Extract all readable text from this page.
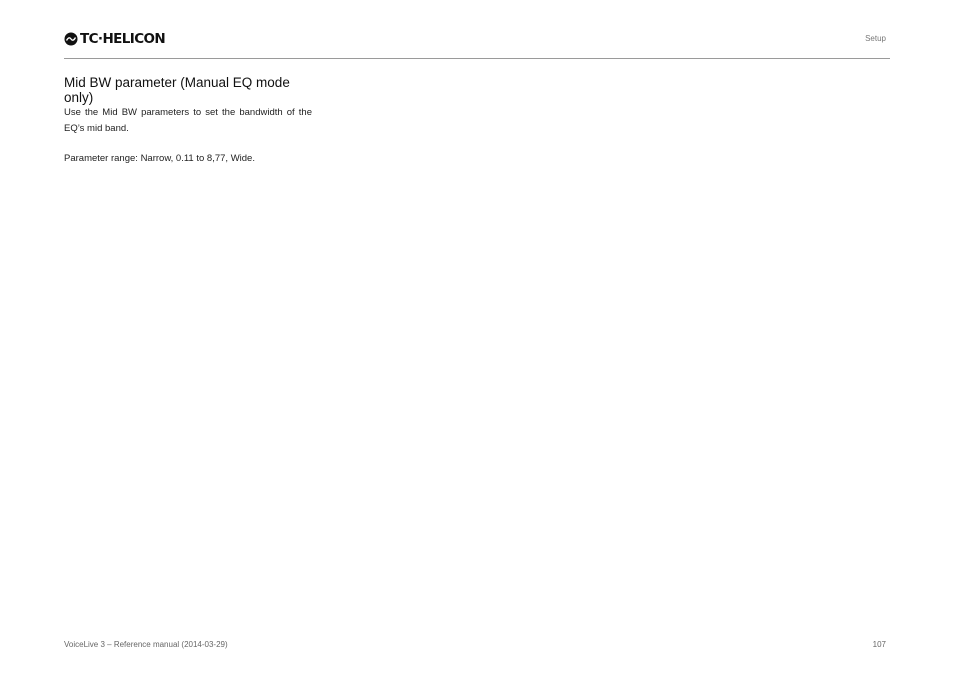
TC·HELICON	Setup
Mid BW parameter (Manual EQ mode only)

Use the Mid BW parameters to set the bandwidth of the EQ’s mid band.

Parameter range: Narrow, 0.11 to 8,77, Wide.

VoiceLive 3 – Reference manual (2014-03-29)	107
